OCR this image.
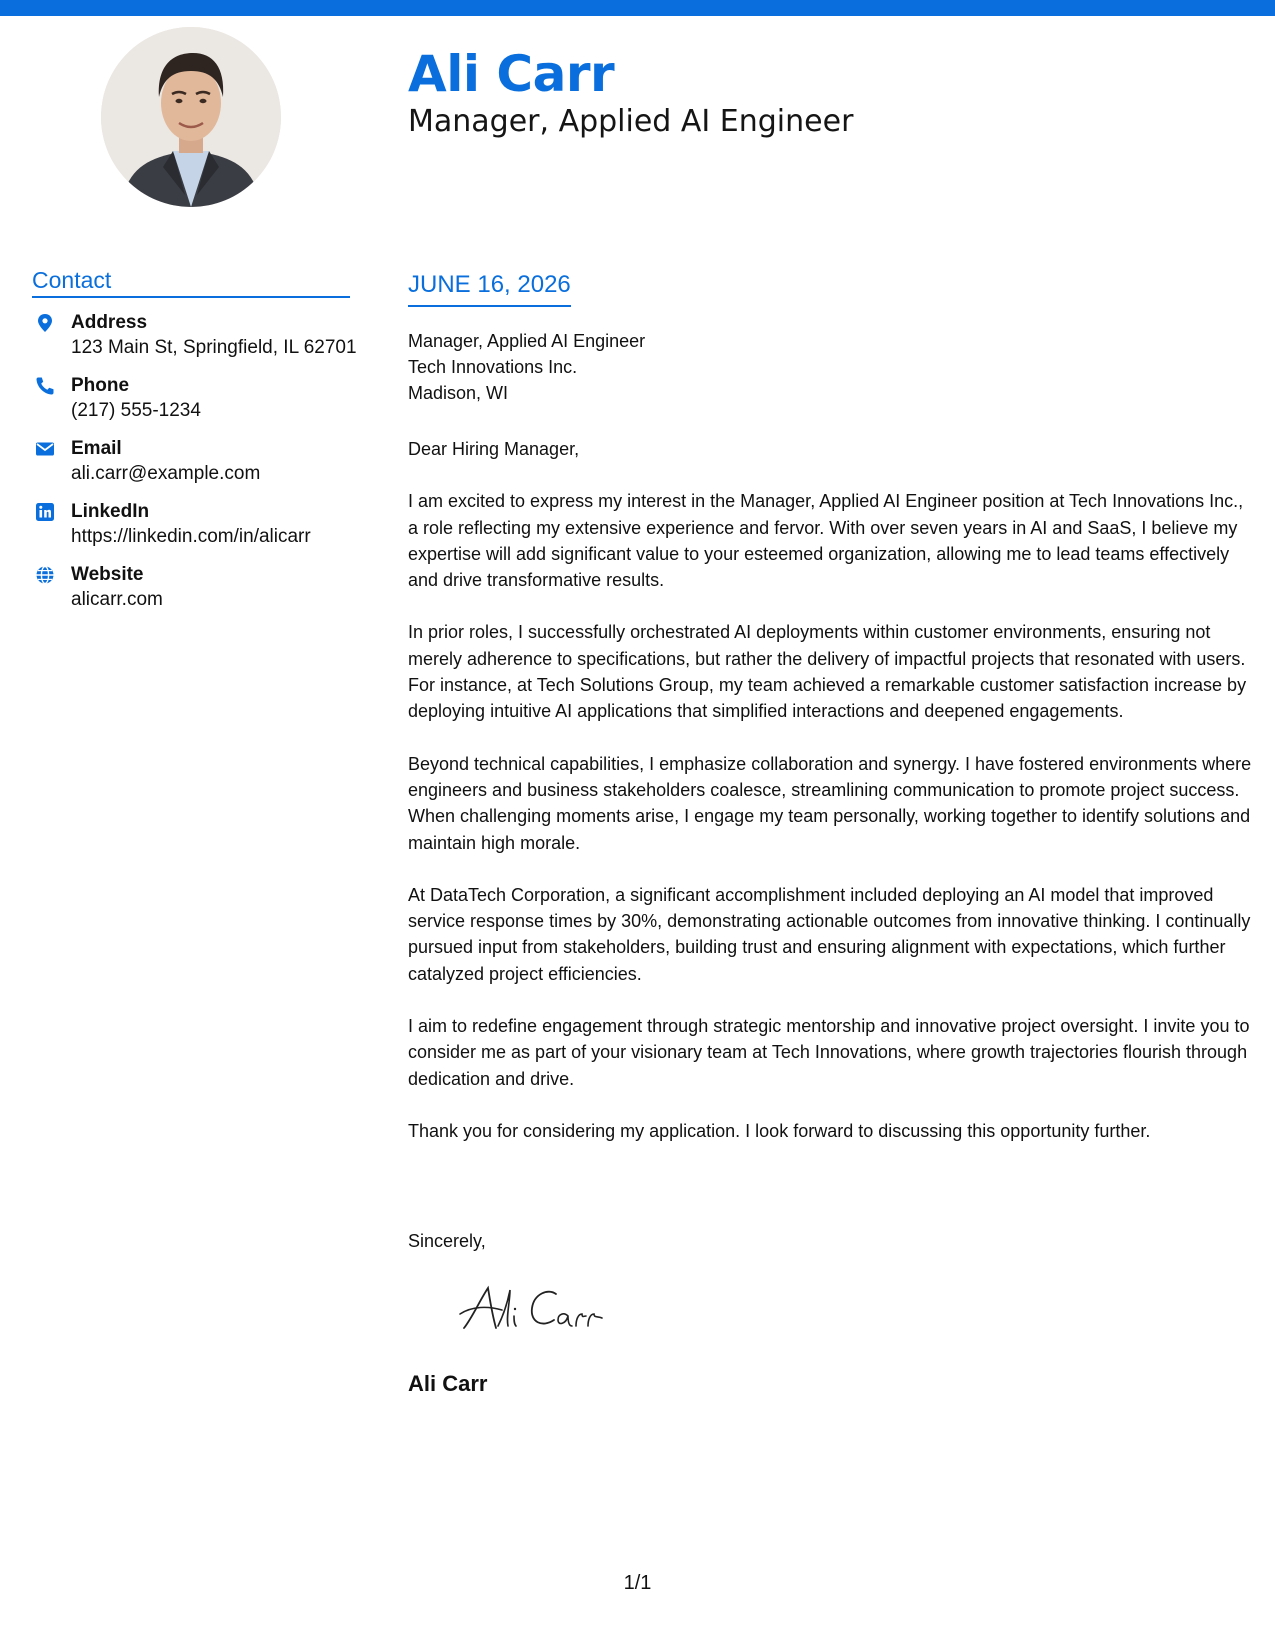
Ali Carr
Manager, Applied AI Engineer
Contact
Address
123 Main St, Springfield, IL 62701
Phone
(217) 555-1234
Email
ali.carr@example.com
LinkedIn
https://linkedin.com/in/alicarr
Website
alicarr.com
JUNE 16, 2026
Manager, Applied AI Engineer
Tech Innovations Inc.
Madison, WI

Dear Hiring Manager,

I am excited to express my interest in the Manager, Applied AI Engineer position at Tech Innovations Inc., a role reflecting my extensive experience and fervor. With over seven years in AI and SaaS, I believe my expertise will add significant value to your esteemed organization, allowing me to lead teams effectively and drive transformative results.

In prior roles, I successfully orchestrated AI deployments within customer environments, ensuring not merely adherence to specifications, but rather the delivery of impactful projects that resonated with users. For instance, at Tech Solutions Group, my team achieved a remarkable customer satisfaction increase by deploying intuitive AI applications that simplified interactions and deepened engagements.

Beyond technical capabilities, I emphasize collaboration and synergy. I have fostered environments where engineers and business stakeholders coalesce, streamlining communication to promote project success. When challenging moments arise, I engage my team personally, working together to identify solutions and maintain high morale.

At DataTech Corporation, a significant accomplishment included deploying an AI model that improved service response times by 30%, demonstrating actionable outcomes from innovative thinking. I continually pursued input from stakeholders, building trust and ensuring alignment with expectations, which further catalyzed project efficiencies.

I aim to redefine engagement through strategic mentorship and innovative project oversight. I invite you to consider me as part of your visionary team at Tech Innovations, where growth trajectories flourish through dedication and drive.

Thank you for considering my application. I look forward to discussing this opportunity further.

Sincerely,
Ali Carr
1/1
